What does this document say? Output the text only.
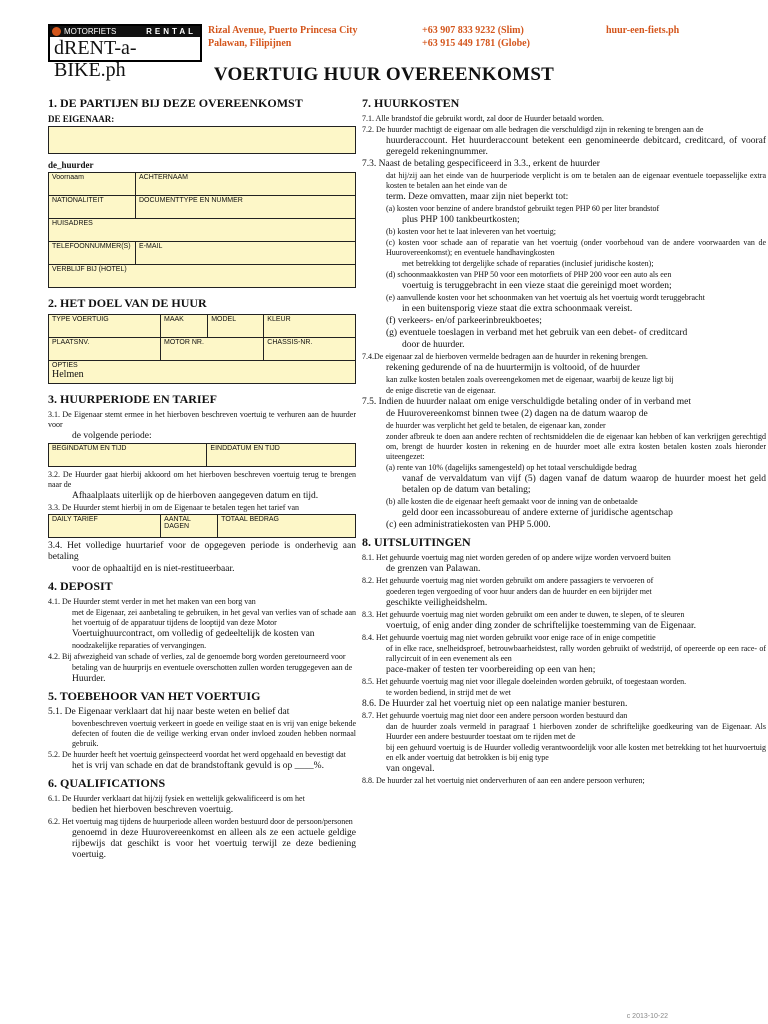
MOTORFIETS	RENTAL
dRENT-a-BIKE.ph
Rizal Avenue, Puerto Princesa City
Palawan, Filipijnen
+63 907 833 9232 (Slim)
+63 915 449 1781 (Globe)
huur-een-fiets.ph
VOERTUIG HUUR OVEREENKOMST
1. DE PARTIJEN BIJ DEZE OVEREENKOMST
DE EIGENAAR:
de_huurder
Voornaam	ACHTERNAAM
NATIONALITEIT	DOCUMENTTYPE EN NUMMER
HUISADRES	
TELEFOONNUMMER(S)	E-MAIL
VERBLIJF BIJ (HOTEL)	
2. HET DOEL VAN DE HUUR
TYPE VOERTUIG	MAAK	MODEL	KLEUR
PLAATSNV.	MOTOR NR.		CHASSIS-NR.

OPTIES
Helmen			
3. HUURPERIODE EN TARIEF
3.1. De Eigenaar stemt ermee in het hierboven beschreven voertuig te verhuren aan de huurder voor
de volgende periode:
BEGINDATUM EN TIJD	EINDDATUM EN TIJD
3.2. De Huurder gaat hierbij akkoord om het hierboven beschreven voertuig terug te brengen naar de
Afhaalplaats uiterlijk op de hierboven aangegeven datum en tijd.
3.3. De Huurder stemt hierbij in om de Eigenaar te betalen tegen het tarief van
DAILY TARIEF	AANTAL DAGEN	TOTAAL BEDRAG
3.4. Het volledige huurtarief voor de opgegeven periode is onderhevig aan betaling
voor de ophaaltijd en is niet-restitueerbaar.
4. DEPOSIT
4.1. De Huurder stemt verder in met het maken van een borg van
met de Eigenaar, zei aanbetaling te gebruiken, in het geval van verlies van of schade aan het voertuig of de apparatuur tijdens de looptijd van deze Motor
Voertuighuurcontract, om volledig of gedeeltelijk de kosten van
noodzakelijke reparaties of vervangingen.
4.2. Bij afwezigheid van schade of verlies, zal de genoemde borg worden geretourneerd voor
betaling van de huurprijs en eventuele overschotten zullen worden teruggegeven aan de
Huurder.
5. TOEBEHOOR VAN HET VOERTUIG
5.1. De Eigenaar verklaart dat hij naar beste weten en belief dat
bovenbeschreven voertuig verkeert in goede en veilige staat en is vrij van enige bekende defecten of fouten die de veilige werking ervan onder invloed zouden hebben normaal gebruik.
5.2. De huurder heeft het voertuig geïnspecteerd voordat het werd opgehaald en bevestigt dat
het is vrij van schade en dat de brandstoftank gevuld is op ____%.
6. QUALIFICATIONS
6.1. De Huurder verklaart dat hij/zij fysiek en wettelijk gekwalificeerd is om het
bedien het hierboven beschreven voertuig.
6.2. Het voertuig mag tijdens de huurperiode alleen worden bestuurd door de persoon/personen
genoemd in deze Huurovereenkomst en alleen als ze een actuele geldige rijbewijs dat geschikt is voor het voertuig terwijl ze deze bediening voertuig.
7. HUURKOSTEN
7.1. Alle brandstof die gebruikt wordt, zal door de Huurder betaald worden.
7.2. De huurder machtigt de eigenaar om alle bedragen die verschuldigd zijn in rekening te brengen aan de
huurderaccount. Het huurderaccount betekent een genomineerde debitcard, creditcard, of vooraf geregeld rekeningnummer.
7.3. Naast de betaling gespecificeerd in 3.3., erkent de huurder
dat hij/zij aan het einde van de huurperiode verplicht is om te betalen aan de eigenaar eventuele toepasselijke extra kosten te betalen aan het einde van de
term. Deze omvatten, maar zijn niet beperkt tot:
(a) kosten voor benzine of andere brandstof gebruikt tegen PHP 60 per liter brandstof
plus PHP 100 tankbeurtkosten;
(b) kosten voor het te laat inleveren van het voertuig;
(c) kosten voor schade aan of reparatie van het voertuig (onder voorbehoud van de andere voorwaarden van de Huurovereenkomst); en eventuele handhavingkosten
met betrekking tot dergelijke schade of reparaties (inclusief juridische kosten);
(d) schoonmaakkosten van PHP 50 voor een motorfiets of PHP 200 voor een auto als een
voertuig is teruggebracht in een vieze staat die gereinigd moet worden;
(e) aanvullende kosten voor het schoonmaken van het voertuig als het voertuig wordt teruggebracht
in een buitensporig vieze staat die extra schoonmaak vereist.
(f) verkeers- en/of parkeerinbreukboetes;
(g) eventuele toeslagen in verband met het gebruik van een debet- of creditcard
door de huurder.
7.4.De eigenaar zal de hierboven vermelde bedragen aan de huurder in rekening brengen.
rekening gedurende of na de huurtermijn is voltooid, of de huurder
kan zulke kosten betalen zoals overeengekomen met de eigenaar, waarbij de keuze ligt bij
de enige discretie van de eigenaar.
7.5. Indien de huurder nalaat om enige verschuldigde betaling onder of in verband met
de Huurovereenkomst binnen twee (2) dagen na de datum waarop de
de huurder was verplicht het geld te betalen, de eigenaar kan, zonder
zonder afbreuk te doen aan andere rechten of rechtsmiddelen die de eigenaar kan hebben of kan verkrijgen gerechtigd om, brengt de huurder kosten in rekening en de huurder moet alle extra kosten betalen kosten zoals hieronder uiteengezet:
(a) rente van 10% (dagelijks samengesteld) op het totaal verschuldigde bedrag
vanaf de vervaldatum van vijf (5) dagen vanaf de datum waarop de huurder moest het geld betalen op de datum van betaling;
(b) alle kosten die de eigenaar heeft gemaakt voor de inning van de onbetaalde
geld door een incassobureau of andere externe of juridische agentschap
(c) een administratiekosten van PHP 5.000.
8. UITSLUITINGEN
8.1. Het gehuurde voertuig mag niet worden gereden of op andere wijze worden vervoerd buiten
de grenzen van Palawan.
8.2. Het gehuurde voertuig mag niet worden gebruikt om andere passagiers te vervoeren of
goederen tegen vergoeding of voor huur anders dan de huurder en een bijrijder met
geschikte veiligheidshelm.
8.3. Het gehuurde voertuig mag niet worden gebruikt om een ander te duwen, te slepen, of te sleuren
voertuig, of enig ander ding zonder de schriftelijke toestemming van de Eigenaar.
8.4. Het gehuurde voertuig mag niet worden gebruikt voor enige race of in enige competitie
of in elke race, snelheidsproef, betrouwbaarheidstest, rally worden gebruikt of wedstrijd, of opereerde op een race- of rallycircuit of in een evenement als een
pace-maker of testen ter voorbereiding op een van hen;
8.5. Het gehuurde voertuig mag niet voor illegale doeleinden worden gebruikt, of toegestaan worden.
te worden bediend, in strijd met de wet
8.6. De Huurder zal het voertuig niet op een nalatige manier besturen.
8.7. Het gehuurde voertuig mag niet door een andere persoon worden bestuurd dan
dan de huurder zoals vermeld in paragraaf 1 hierboven zonder de schriftelijke goedkeuring van de Eigenaar. Als Huurder een andere bestuurder toestaat om te rijden met de
bij een gehuurd voertuig is de Huurder volledig verantwoordelijk voor alle kosten met betrekking tot het huurvoertuig en elk ander voertuig dat betrokken is bij enig type
van ongeval.
8.8. De huurder zal het voertuig niet onderverhuren of aan een andere persoon verhuren;
c 2013-10-22
